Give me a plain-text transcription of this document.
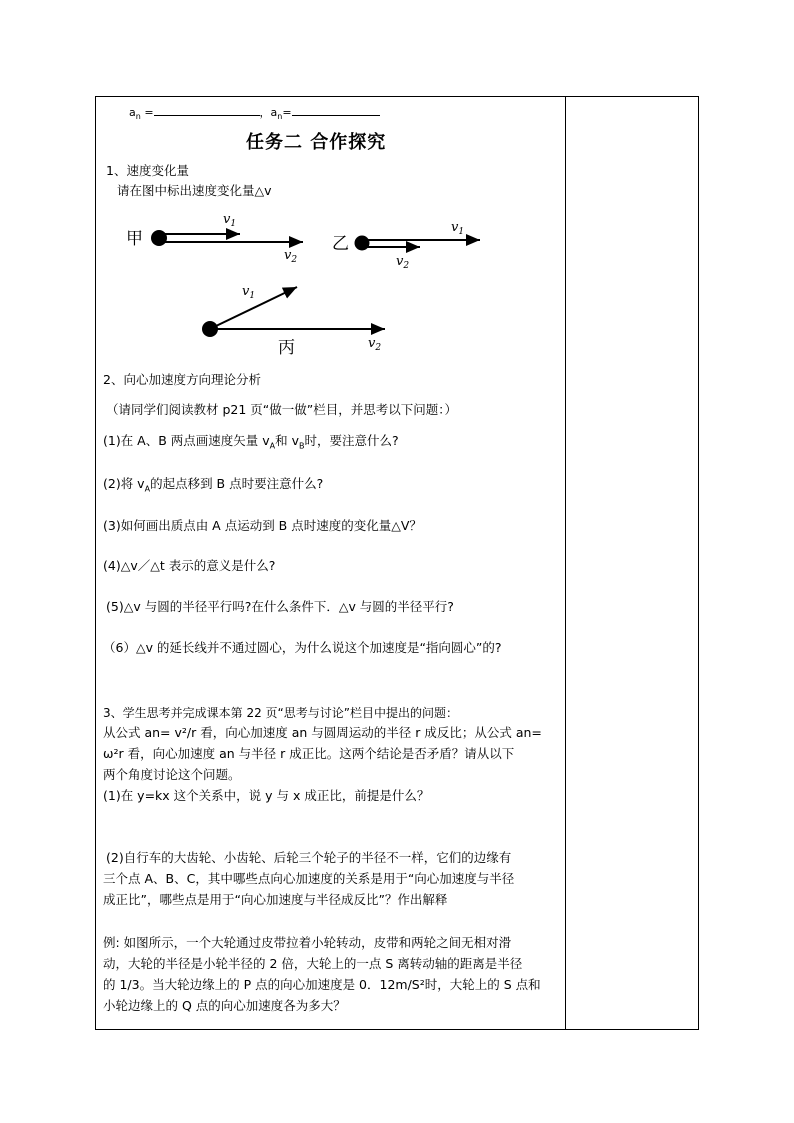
$a_n$ =	，$a_n=$
任务二 合作探究
1、速度变化量
请在图中标出速度变化量△v
甲
$v_1$
$v_2$
乙
$v_1$
$v_2$
$v_1$
$v_2$
丙
2、向心加速度方向理论分析
（请同学们阅读教材 p21 页“做一做”栏目，并思考以下问题：）
(1)在 A、B 两点画速度矢量 $v_A$和 $v_B$时，要注意什么?
(2)将 $v_A$的起点移到 B 点时要注意什么?
(3)如何画出质点由 A 点运动到 B 点时速度的变化量△V？
(4)△v／△t 表示的意义是什么?
(5)△v 与圆的半径平行吗?在什么条件下．△v 与圆的半径平行?
（6）△v 的延长线并不通过圆心，为什么说这个加速度是“指向圆心”的?
3、学生思考并完成课本第 22 页“思考与讨论”栏目中提出的问题：
从公式 an= v²/r 看，向心加速度 an 与圆周运动的半径 r 成反比；从公式 an=
ω²r 看，向心加速度 an 与半径 r 成正比。这两个结论是否矛盾？请从以下
两个角度讨论这个问题。
(1)在 y=kx 这个关系中，说 y 与 x 成正比，前提是什么？
(2)自行车的大齿轮、小齿轮、后轮三个轮子的半径不一样，它们的边缘有
三个点 A、B、C，其中哪些点向心加速度的关系是用于“向心加速度与半径
成正比”，哪些点是用于“向心加速度与半径成反比”？作出解释
例: 如图所示，一个大轮通过皮带拉着小轮转动，皮带和两轮之间无相对滑
动，大轮的半径是小轮半径的 2 倍，大轮上的一点 S 离转动轴的距离是半径
的 1/3。当大轮边缘上的 P 点的向心加速度是 0．12m/S²时，大轮上的 S 点和
小轮边缘上的 Q 点的向心加速度各为多大？
